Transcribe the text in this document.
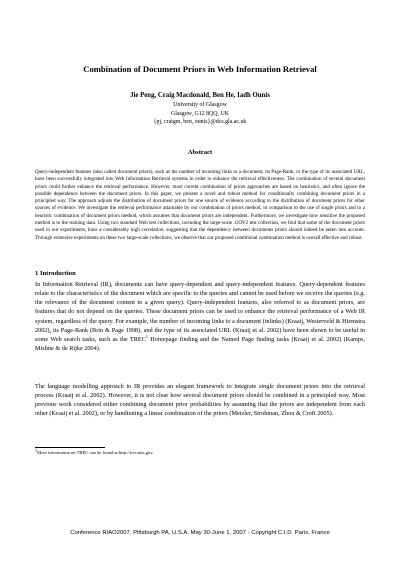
Combination of Document Priors in Web Information Retrieval
Jie Peng, Craig Macdonald, Ben He, Iadh Ounis
University of Glasgow
Glasgow, G12 8QQ, UK
{pj, craigm, ben, ounis}@dcs.gla.ac.uk
Abstract
Query-independent features (also called document priors), such as the number of incoming links to a document, its Page-Rank, or the type of its associated URL, have been successfully integrated into Web Information Retrieval systems in order to enhance the retrieval effectiveness. The combination of several document priors could further enhance the retrieval performance. However, most current combination of priors approaches are based on heuristics, and often ignore the possible dependence between the document priors. In this paper, we present a novel and robust method for conditionally combining document priors in a principled way. The approach adjusts the distribution of document priors for one source of evidence according to the distribution of document priors for other sources of evidence. We investigate the retrieval performance attainable by our combination of priors method, in comparison to the use of single priors and to a heuristic combination of document priors method, which assumes that document priors are independent. Furthermore, we investigate how sensitive the proposed method is to the training data. Using two standard Web test collections, including the large-scale .GOV2 test collection, we find that some of the document priors used in our experiments, have a considerably high correlation, suggesting that the dependency between documents priors should indeed be taken into account. Through extensive experiments on these two large-scale collections, we observe that our proposed conditional combination method is overall effective and robust.
1 Introduction
In Information Retrieval (IR), documents can have query-dependent and query-independent features. Query-dependent features relate to the characteristics of the document which are specific to the queries and cannot be used before we receive the queries (e.g. the relevance of the document content to a given query). Query-independent features, also referred to as document priors, are features that do not depend on the queries. These document priors can be used to enhance the retrieval performance of a Web IR system, regardless of the query. For example, the number of incoming links to a document (inlinks) (Kraaij, Westerveld & Hiemstra 2002), its Page-Rank (Brin & Page 1998), and the type of its associated URL (Kraaij et al. 2002) have been shown to be useful in some Web search tasks, such as the TREC$^1$ Homepage finding and the Named Page finding tasks (Kraaij et al. 2002) (Kamps, Mishne & de Rijke 2004).
The language modelling approach to IR provides an elegant framework to integrate single document priors into the retrieval process (Kraaij et al. 2002). However, it is not clear how several document priors should be combined in a principled way. Most previous work considered either combining document prior probabilities by assuming that the priors are independent from each other (Kraaij et al. 2002), or by handtuning a linear combination of the priors (Metzler, Strohman, Zhou & Croft 2005).
1More information on TREC can be found at:http://trec.nist.gov.
Conference RIAO2007, Pittsburgh PA, U.S.A. May 30-June 1, 2007 - Copyright C.I.D. Paris, France
